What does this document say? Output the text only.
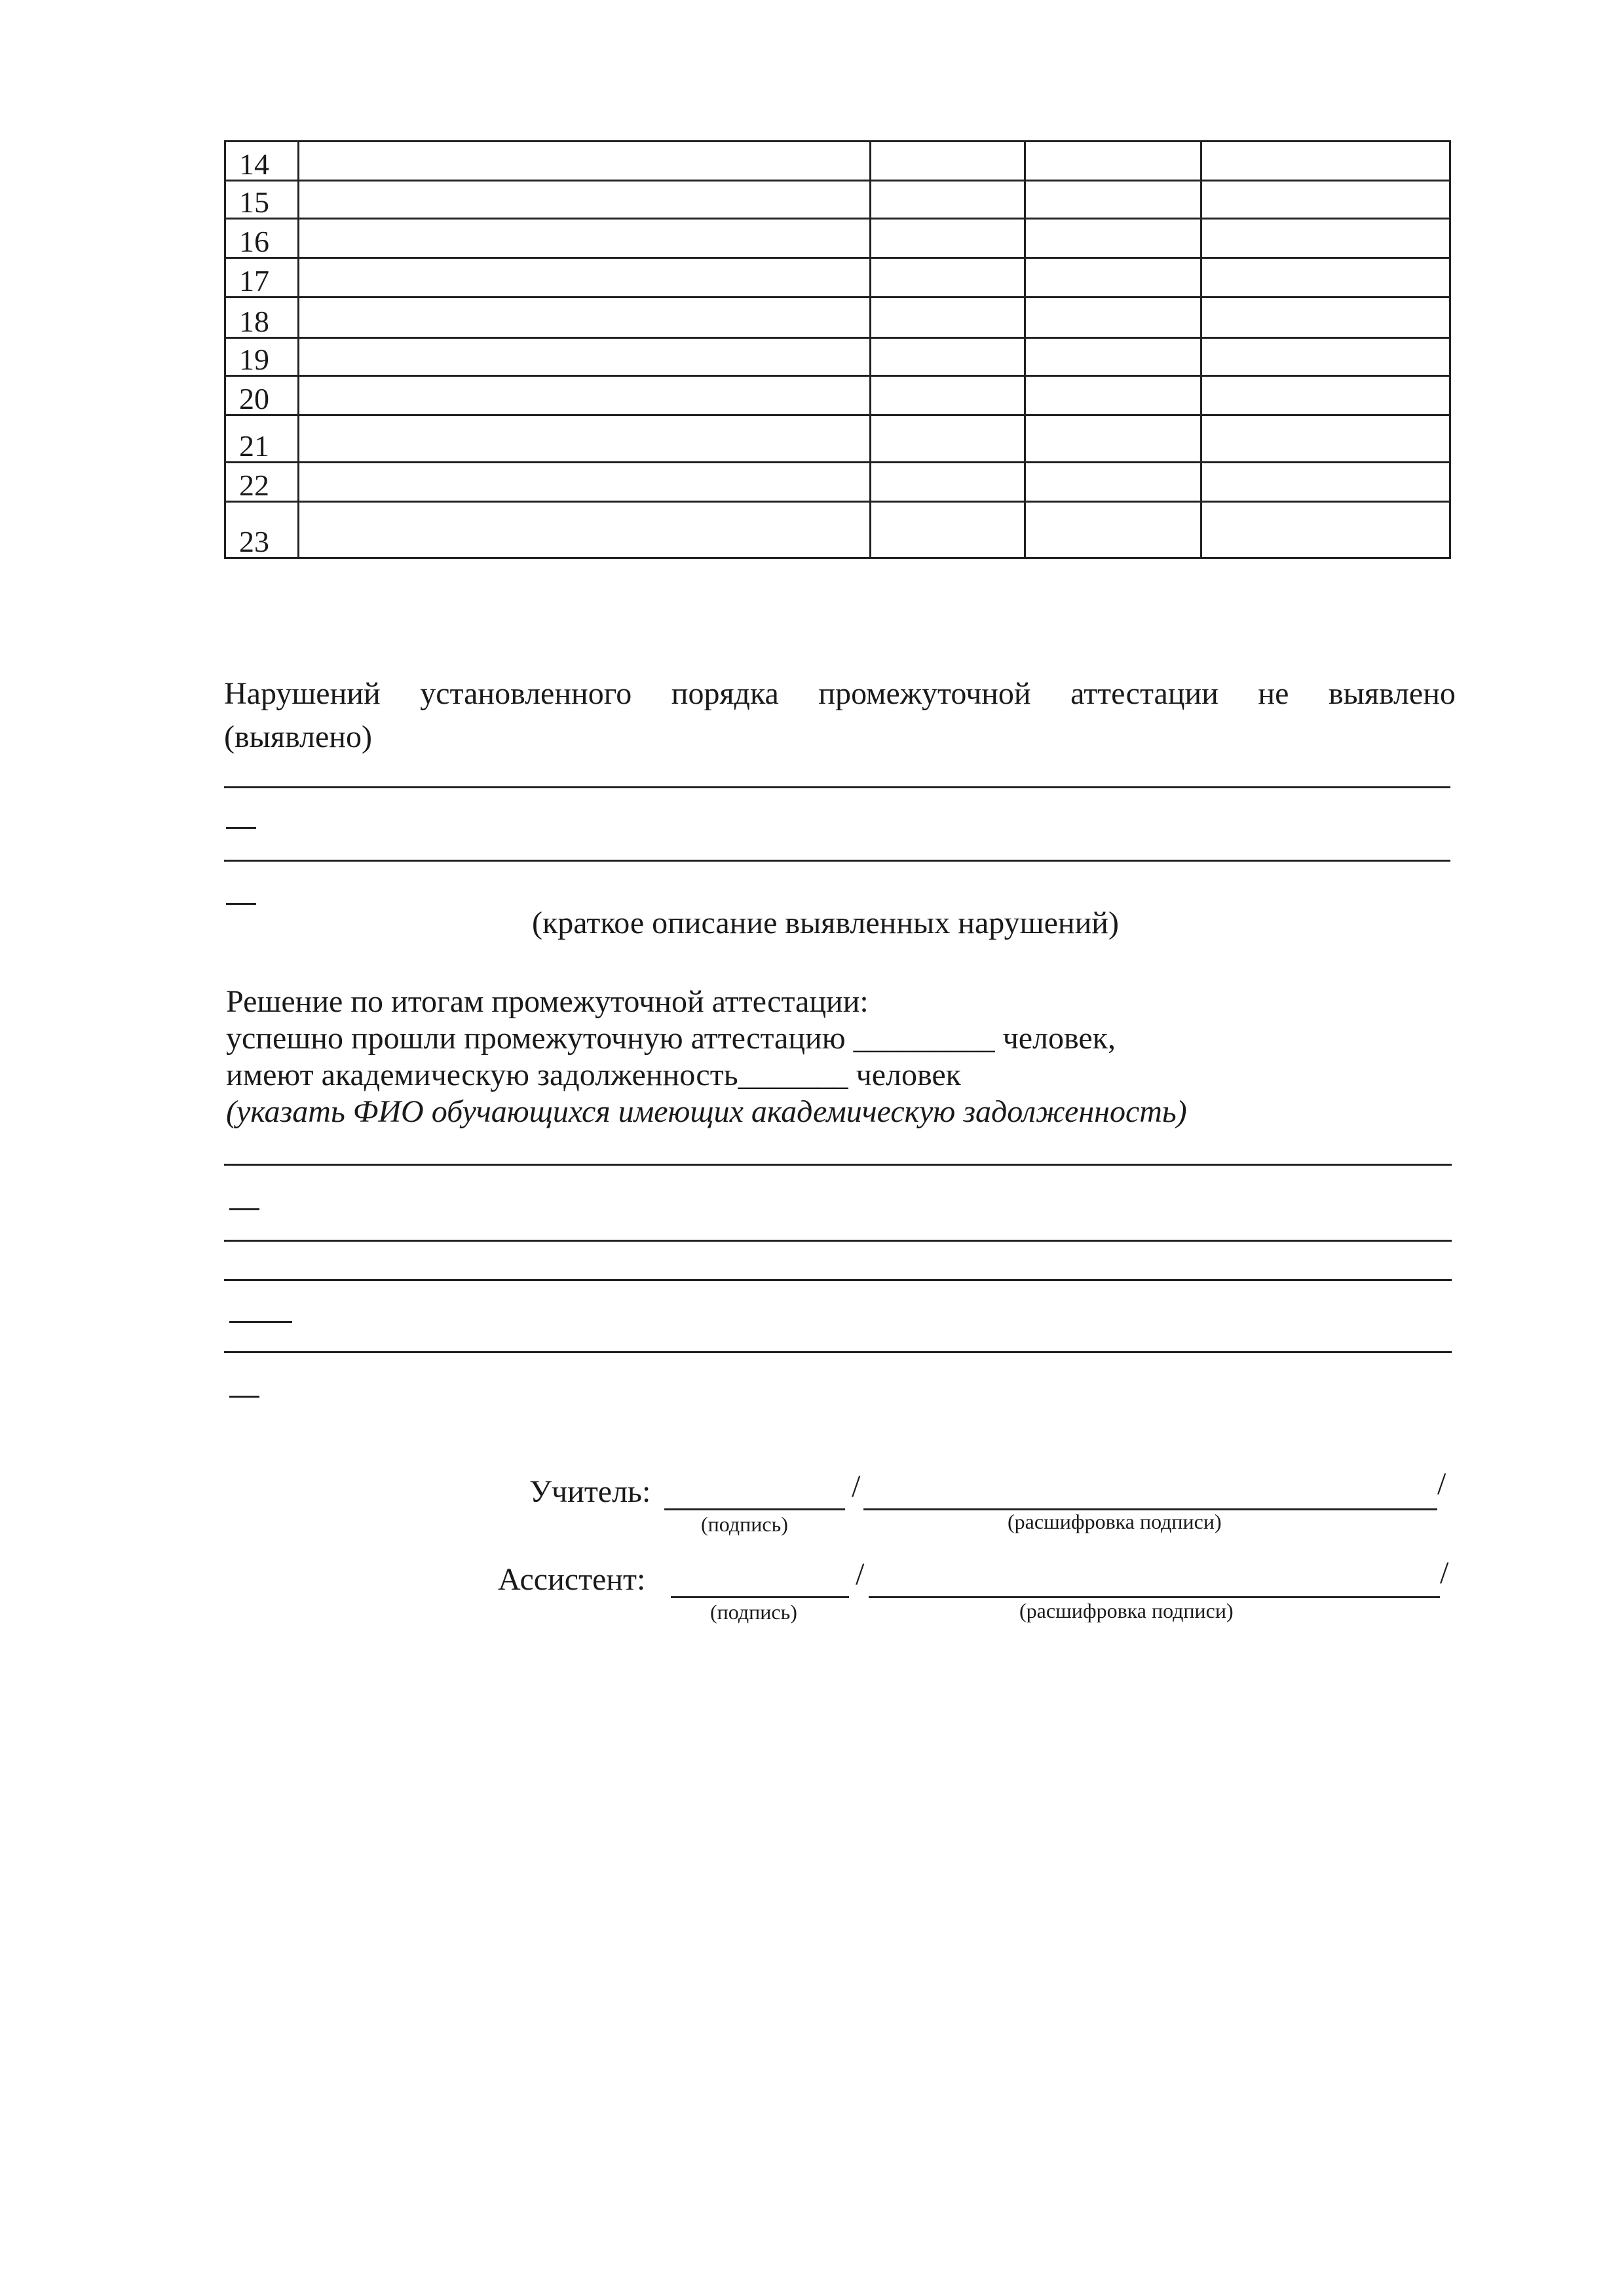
14				
15				
16				
17				
18				
19				
20				
21				
22				
23				
Нарушений установленного порядка промежуточной аттестации не выявлено
(выявлено)
(краткое описание выявленных нарушений)
Решение по итогам промежуточной аттестации:
успешно прошли промежуточную аттестацию _________ человек,
имеют академическую задолженность_______ человек
(указать ФИО обучающихся имеющих академическую задолженность)
Учитель:	/	/
(подпись)	(расшифровка подписи)
Ассистент:	/	/
(подпись)	(расшифровка подписи)
